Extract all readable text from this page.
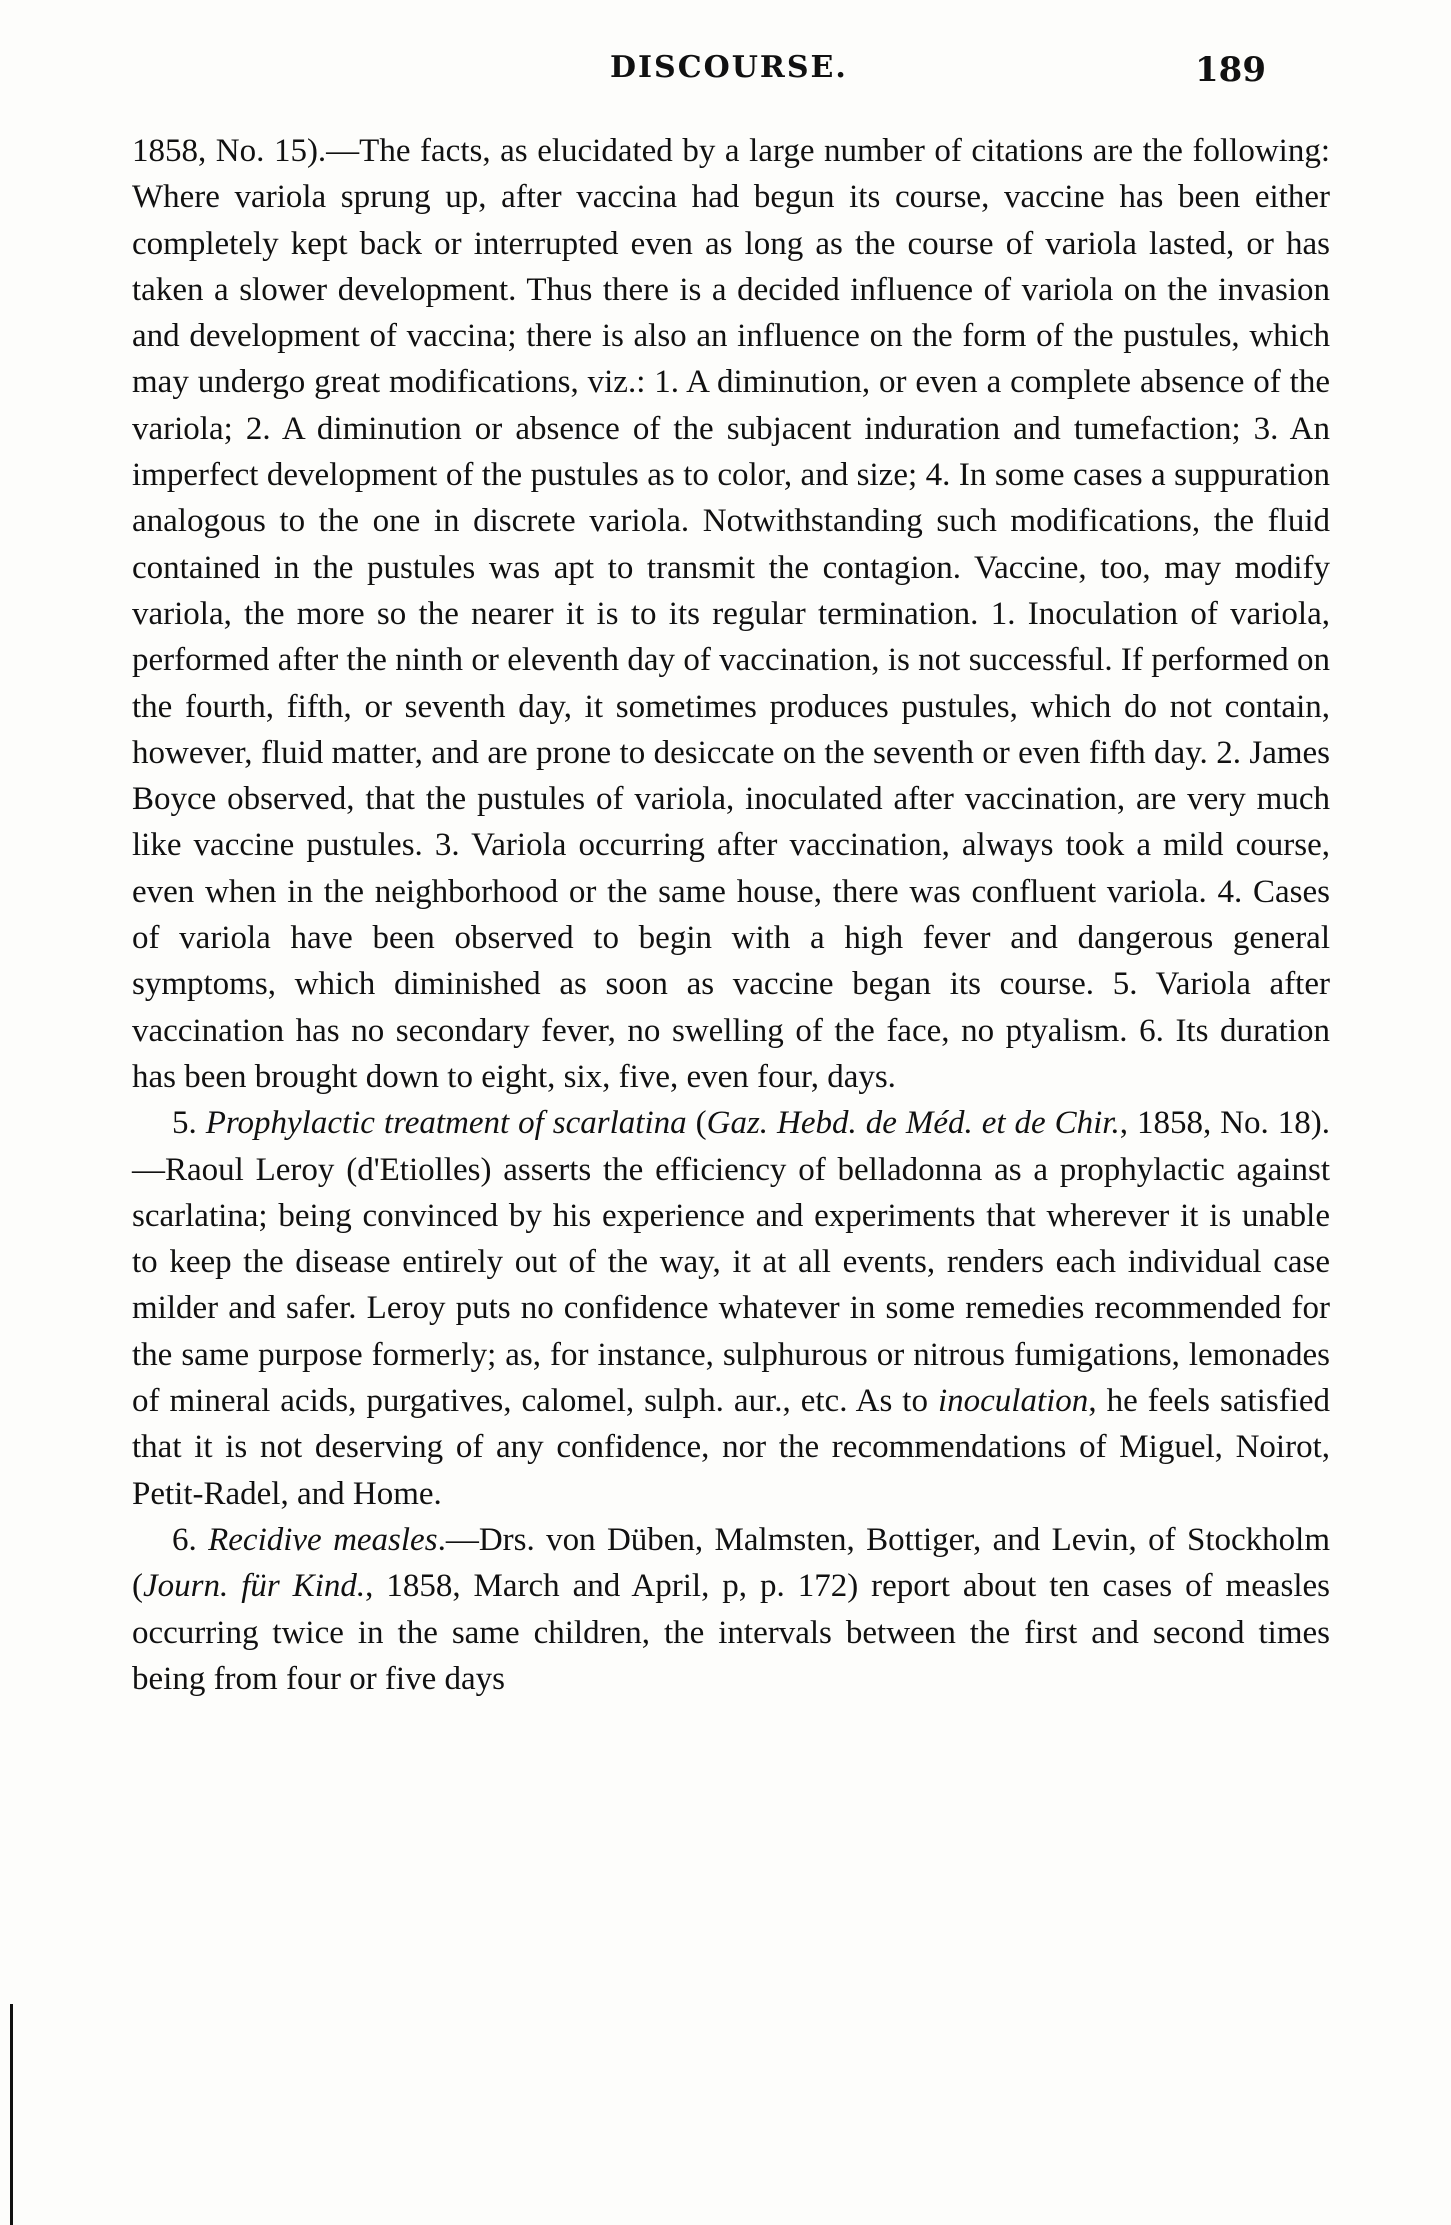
DISCOURSE.	189

1858, No. 15).—The facts, as elucidated by a large number of citations are the following: Where variola sprung up, after vaccina had begun its course, vaccine has been either completely kept back or interrupted even as long as the course of variola lasted, or has taken a slower development. Thus there is a decided influence of variola on the invasion and development of vaccina; there is also an influence on the form of the pustules, which may undergo great modifications, viz.: 1. A diminution, or even a complete absence of the variola; 2. A diminution or absence of the subjacent induration and tumefaction; 3. An imperfect development of the pustules as to color, and size; 4. In some cases a suppuration analogous to the one in discrete variola. Notwithstanding such modifications, the fluid contained in the pustules was apt to transmit the contagion. Vaccine, too, may modify variola, the more so the nearer it is to its regular termination. 1. Inoculation of variola, performed after the ninth or eleventh day of vaccination, is not successful. If performed on the fourth, fifth, or seventh day, it sometimes produces pustules, which do not contain, however, fluid matter, and are prone to desiccate on the seventh or even fifth day. 2. James Boyce observed, that the pustules of variola, inoculated after vaccination, are very much like vaccine pustules. 3. Variola occurring after vaccination, always took a mild course, even when in the neighborhood or the same house, there was confluent variola. 4. Cases of variola have been observed to begin with a high fever and dangerous general symptoms, which diminished as soon as vaccine began its course. 5. Variola after vaccination has no secondary fever, no swelling of the face, no ptyalism. 6. Its duration has been brought down to eight, six, five, even four, days.

5. Prophylactic treatment of scarlatina (Gaz. Hebd. de Méd. et de Chir., 1858, No. 18).—Raoul Leroy (d'Etiolles) asserts the efficiency of belladonna as a prophylactic against scarlatina; being convinced by his experience and experiments that wherever it is unable to keep the disease entirely out of the way, it at all events, renders each individual case milder and safer. Leroy puts no confidence whatever in some remedies recommended for the same purpose formerly; as, for instance, sulphurous or nitrous fumigations, lemonades of mineral acids, purgatives, calomel, sulph. aur., etc. As to inoculation, he feels satisfied that it is not deserving of any confidence, nor the recommendations of Miguel, Noirot, Petit-Radel, and Home.

6. Recidive measles.—Drs. von Düben, Malmsten, Bottiger, and Levin, of Stockholm (Journ. für Kind., 1858, March and April, p, p. 172) report about ten cases of measles occurring twice in the same children, the intervals between the first and second times being from four or five days
